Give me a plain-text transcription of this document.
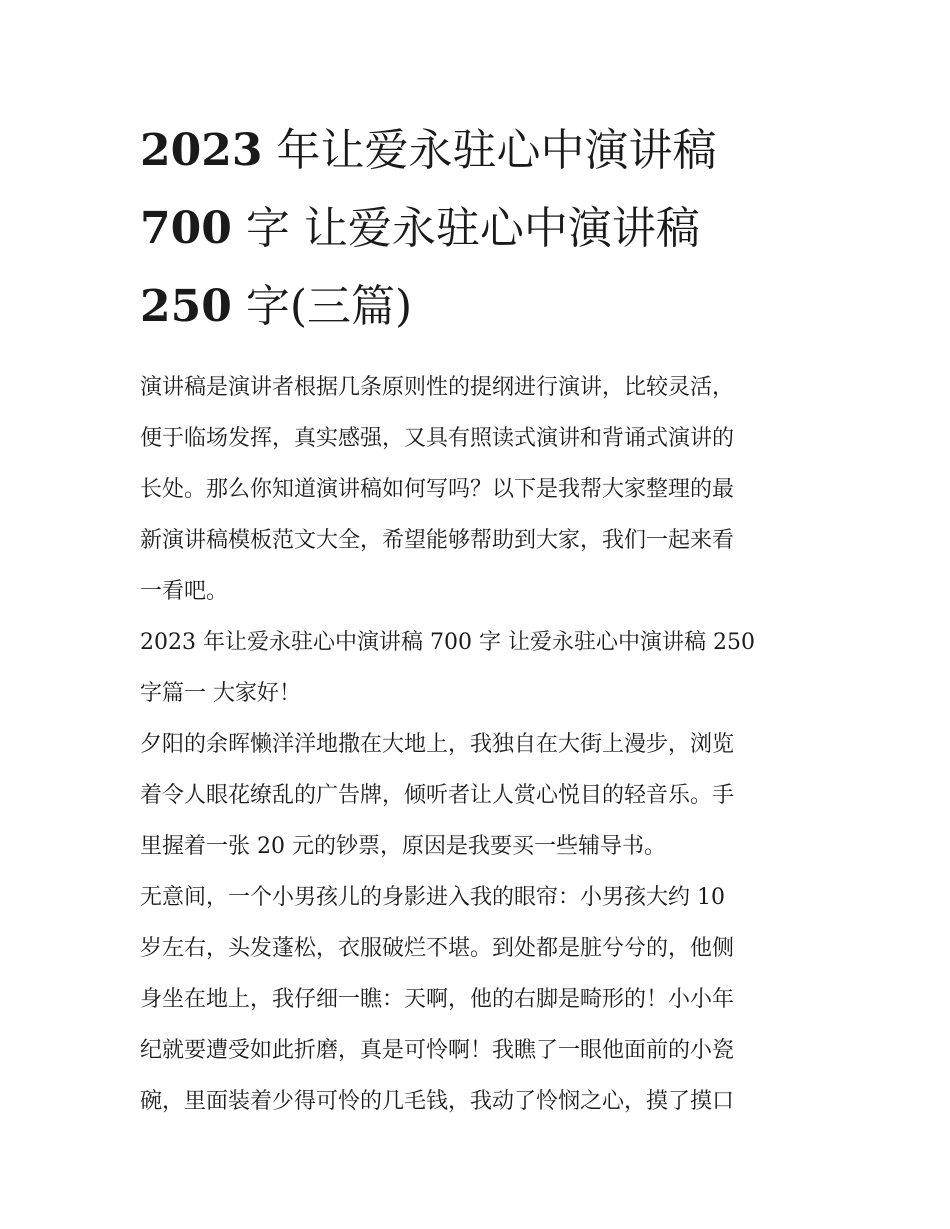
2023 年让爱永驻心中演讲稿
700 字 让爱永驻心中演讲稿
250 字(三篇)

演讲稿是演讲者根据几条原则性的提纲进行演讲，比较灵活，
便于临场发挥，真实感强，又具有照读式演讲和背诵式演讲的
长处。那么你知道演讲稿如何写吗？以下是我帮大家整理的最
新演讲稿模板范文大全，希望能够帮助到大家，我们一起来看
一看吧。

2023 年让爱永驻心中演讲稿 700 字 让爱永驻心中演讲稿 250
字篇一 大家好！

夕阳的余晖懒洋洋地撒在大地上，我独自在大街上漫步，浏览
着令人眼花缭乱的广告牌，倾听者让人赏心悦目的轻音乐。手
里握着一张 20 元的钞票，原因是我要买一些辅导书。

无意间，一个小男孩儿的身影进入我的眼帘：小男孩大约 10
岁左右，头发蓬松，衣服破烂不堪。到处都是脏兮兮的，他侧
身坐在地上，我仔细一瞧：天啊，他的右脚是畸形的！小小年
纪就要遭受如此折磨，真是可怜啊！我瞧了一眼他面前的小瓷
碗，里面装着少得可怜的几毛钱，我动了怜悯之心，摸了摸口
